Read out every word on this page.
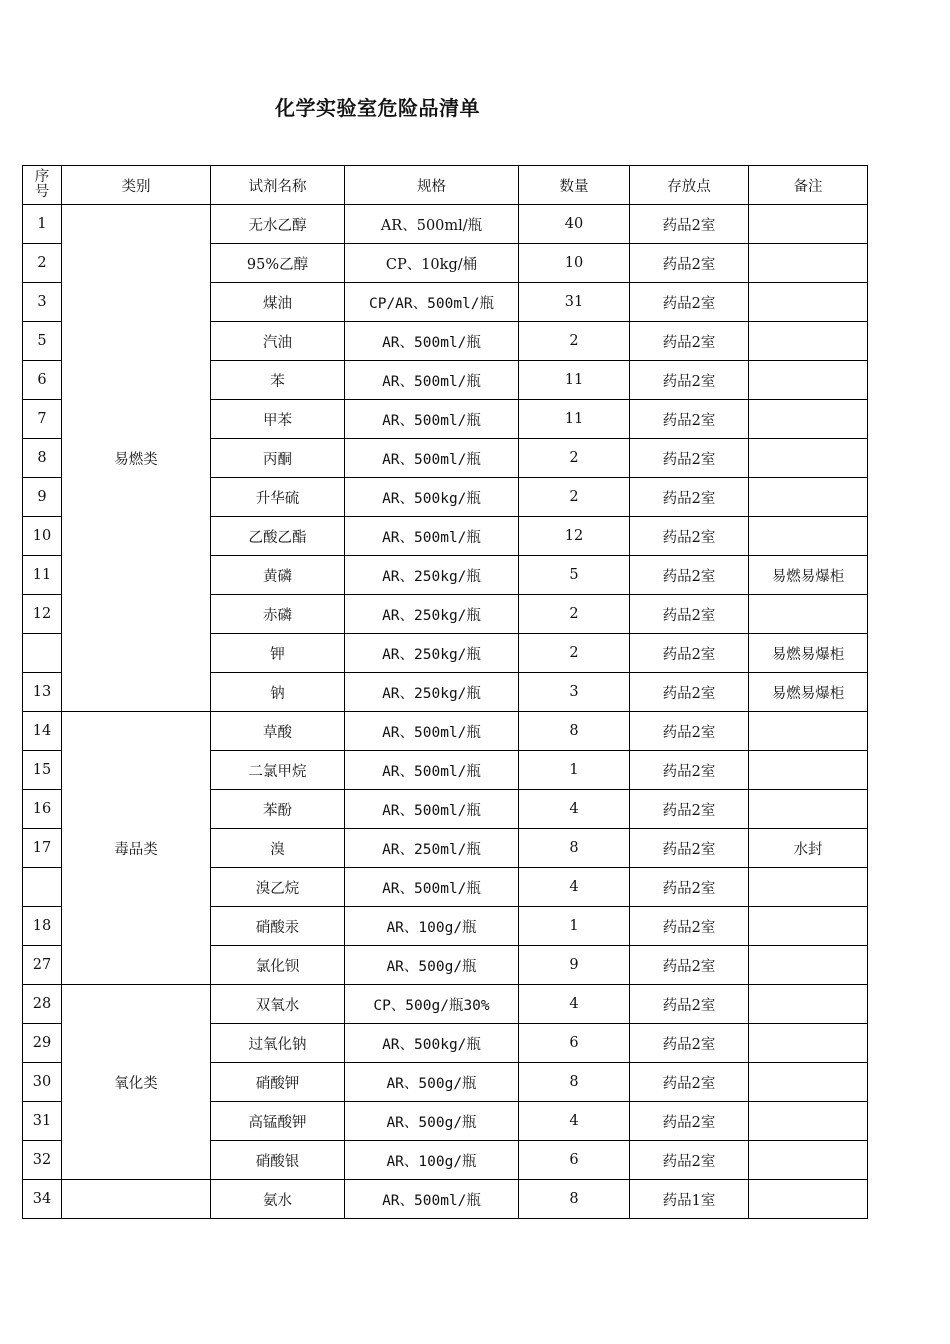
化学实验室危险品清单
序
号	类别	试剂名称	规格	数量	存放点	备注
1	易燃类	无水乙醇	AR、500ml/瓶	40	药品2室	
2		95%乙醇	CP、10kg/桶	10	药品2室	
3		煤油	CP/AR、500ml/瓶	31	药品2室	
5		汽油	AR、500ml/瓶	2	药品2室	
6		苯	AR、500ml/瓶	11	药品2室	
7		甲苯	AR、500ml/瓶	11	药品2室	
8		丙酮	AR、500ml/瓶	2	药品2室	
9		升华硫	AR、500kg/瓶	2	药品2室	
10		乙酸乙酯	AR、500ml/瓶	12	药品2室	
11		黄磷	AR、250kg/瓶	5	药品2室	易燃易爆柜
12		赤磷	AR、250kg/瓶	2	药品2室	
		钾	AR、250kg/瓶	2	药品2室	易燃易爆柜
13		钠	AR、250kg/瓶	3	药品2室	易燃易爆柜
14	毒品类	草酸	AR、500ml/瓶	8	药品2室	
15		二氯甲烷	AR、500ml/瓶	1	药品2室	
16		苯酚	AR、500ml/瓶	4	药品2室	
17		溴	AR、250ml/瓶	8	药品2室	水封
		溴乙烷	AR、500ml/瓶	4	药品2室	
18		硝酸汞	AR、100g/瓶	1	药品2室	
27		氯化钡	AR、500g/瓶	9	药品2室	
28	氧化类	双氧水	CP、500g/瓶30%	4	药品2室	
29		过氧化钠	AR、500kg/瓶	6	药品2室	
30		硝酸钾	AR、500g/瓶	8	药品2室	
31		高锰酸钾	AR、500g/瓶	4	药品2室	
32		硝酸银	AR、100g/瓶	6	药品2室	
34		氨水	AR、500ml/瓶	8	药品1室	
